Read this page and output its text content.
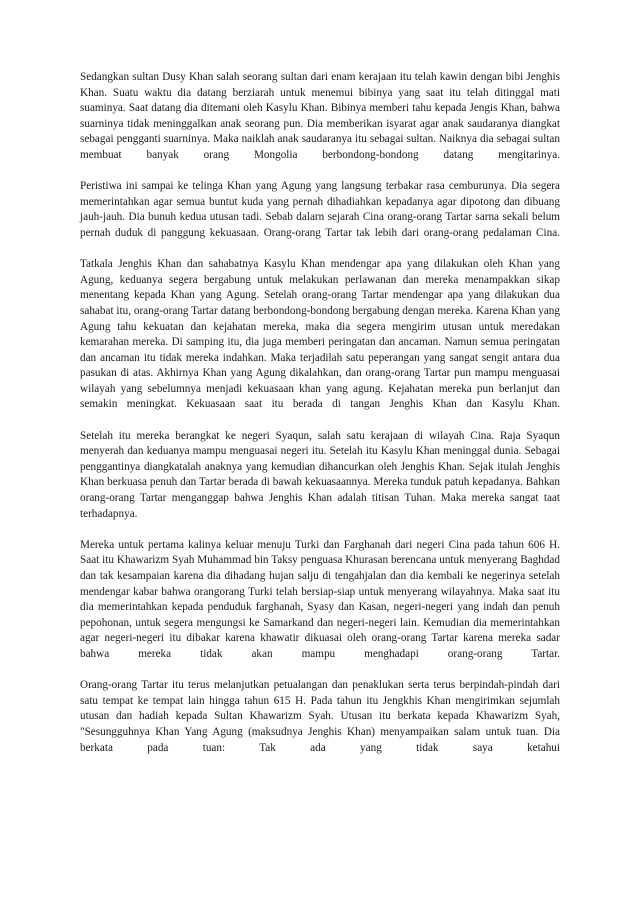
Sedangkan sultan Dusy Khan salah seorang sultan dari enam kerajaan itu telah kawin dengan bibi Jenghis Khan. Suatu waktu dia datang berziarah untuk menemui bibinya yang saat itu telah ditinggal mati suaminya. Saat datang dia ditemani oleh Kasylu Khan. Bibinya memberi tahu kepada Jengis Khan, bahwa suarninya tidak meninggalkan anak seorang pun. Dia memberikan isyarat agar anak saudaranya diangkat sebagai pengganti suarninya. Maka naiklah anak saudaranya itu sebagai sultan. Naiknya dia sebagai sultan membuat banyak orang Mongolia berbondong-bondong datang mengitarinya.

Peristiwa ini sampai ke telinga Khan yang Agung yang langsung terbakar rasa cemburunya. Dia segera memerintahkan agar semua buntut kuda yang pernah dihadiahkan kepadanya agar dipotong dan dibuang jauh-jauh. Dia bunuh kedua utusan tadi. Sebab dalarn sejarah Cina orang-orang Tartar sarna sekali belum pernah duduk di panggung kekuasaan. Orang-orang Tartar tak lebih dari orang-orang pedalaman Cina.

Tatkala Jenghis Khan dan sahabatnya Kasylu Khan mendengar apa yang dilakukan oleh Khan yang Agung, keduanya segera bergabung untuk melakukan perlawanan dan mereka menampakkan sikap menentang kepada Khan yang Agung. Setelah orang-orang Tartar mendengar apa yang dilakukan dua sahabat itu, orang-orang Tartar datang berbondong-bondong bergabung dengan mereka. Karena Khan yang Agung tahu kekuatan dan kejahatan mereka, maka dia segera mengirim utusan untuk meredakan kemarahan mereka. Di samping itu, dia juga memberi peringatan dan ancaman. Namun semua peringatan dan ancaman itu tidak mereka indahkan. Maka terjadilah satu peperangan yang sangat sengit antara dua pasukan di atas. Akhirnya Khan yang Agung dikalahkan, dan orang-orang Tartar pun mampu menguasai wilayah yang sebelumnya menjadi kekuasaan khan yang agung. Kejahatan mereka pun berlanjut dan semakin meningkat. Kekuasaan saat itu berada di tangan Jenghis Khan dan Kasylu Khan.

Setelah itu mereka berangkat ke negeri Syaqun, salah satu kerajaan di wilayah Cina. Raja Syaqun menyerah dan keduanya mampu menguasai negeri itu. Setelah itu Kasylu Khan meninggal dunia. Sebagai penggantinya diangkatalah anaknya yang kemudian dihancurkan oleh Jenghis Khan. Sejak itulah Jenghis Khan berkuasa penuh dan Tartar berada di bawah kekuasaannya. Mereka tunduk patuh kepadanya. Bahkan orang-orang Tartar menganggap bahwa Jenghis Khan adalah titisan Tuhan. Maka mereka sangat taat terhadapnya.

Mereka untuk pertama kalinya keluar menuju Turki dan Farghanah dari negeri Cina pada tahun 606 H. Saat itu Khawarizm Syah Muhammad bin Taksy penguasa Khurasan berencana untuk menyerang Baghdad dan tak kesampaian karena dia dihadang hujan salju di tengahjalan dan dia kembali ke negerinya setelah mendengar kabar bahwa orangorang Turki telah bersiap-siap untuk menyerang wilayahnya. Maka saat itu dia memerintahkan kepada penduduk farghanah, Syasy dan Kasan, negeri-negeri yang indah dan penuh pepohonan, untuk segera mengungsi ke Samarkand dan negeri-negeri lain. Kemudian dia memerintahkan agar negeri-negeri itu dibakar karena khawatir dikuasai oleh orang-orang Tartar karena mereka sadar bahwa mereka tidak akan mampu menghadapi orang-orang Tartar.

Orang-orang Tartar itu terus melanjutkan petualangan dan penaklukan serta terus berpindah-pindah dari satu tempat ke tempat lain hingga tahun 615 H. Pada tahun itu Jengkhis Khan mengirimkan sejumlah utusan dan hadiah kepada Sultan Khawarizm Syah. Utusan itu berkata kepada Khawarizm Syah, "Sesungguhnya Khan Yang Agung (maksudnya Jenghis Khan) menyampaikan salam untuk tuan. Dia berkata pada tuan: Tak ada yang tidak saya ketahui
